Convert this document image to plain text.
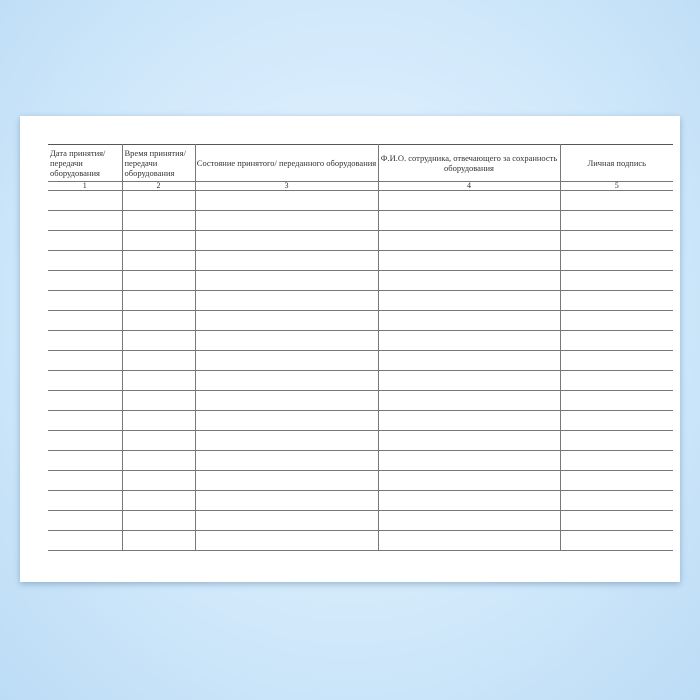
Дата принятия/ передачи оборудования	Время принятия/ передачи оборудования	Состояние принятого/ переданного оборудования	Ф.И.О. сотрудника, отвечающего за сохранность оборудования	Личная подпись
1	2	3	4	5
